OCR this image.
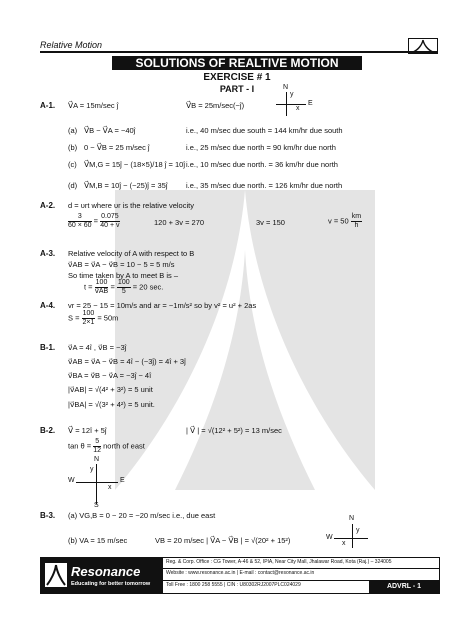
Relative Motion
SOLUTIONS OF REALTIVE MOTION
EXERCISE # 1
PART - I
A-1. V⃗A = 15m/sec ĵ	V⃗B = 25m/sec(−ĵ)
N
y
E
x
(a) V⃗B − V⃗A = −40ĵ	i.e., 40 m/sec due south = 144 km/hr due south
(b) 0 − V⃗B = 25 m/sec ĵ	i.e., 25 m/sec due north = 90 km/hr due north
(c) V⃗M,G = 15ĵ − (18×5)/18 ĵ = 10ĵ i.e., 10 m/sec due north. = 36 km/hr due north
(d) V⃗M,B = 10ĵ − (−25)ĵ = 35ĵ i.e., 35 m/sec due north. = 126 km/hr due north
A-2. d = υrt where υr is the relative velocity
$\frac{3}{60 \times 60} = \frac{0.075}{40 + v}$	120 + 3v = 270	3v = 150	$v = 50 \frac{km}{h}$
A-3. Relative velocity of A with respect to B
v⃗AB = v⃗A − v⃗B = 10 − 5 = 5 m/s
So time taken by A to meet B is –
$t = \frac{100}{v⃗AB} = \frac{100}{5} = 20$ sec.
A-4. vr = 25 − 15 = 10m/s and ar = −1m/s² so by v² = u² + 2as
$S = \frac{100}{2\times 1} = 50m$
B-1. v⃗A = 4î , v⃗B = −3ĵ
v⃗AB = v⃗A − v⃗B = 4î − (−3ĵ) = 4î + 3ĵ
v⃗BA = v⃗B − v⃗A = −3ĵ − 4î
|v⃗AB| = √(4² + 3²) = 5 unit
|v⃗BA| = √(3² + 4²) = 5 unit.
B-2. V⃗ = 12î + 5ĵ	| V⃗ | = √(12² + 5²) = 13 m/sec
$\tan \theta = \frac{5}{12}$ north of east
N
y
W	E
x
S
B-3. (a) VG,B = 0 − 20 = −20 m/sec i.e., due east
(b) VA = 15 m/sec	VB = 20 m/sec | V⃗A − V⃗B | = √(20² + 15²)
N
y
W
x
Resonance
Educating for better tomorrow
Reg. & Corp. Office : CG Tower, A-46 & 52, IPIA, Near City Mall, Jhalawar Road, Kota (Raj.) – 324005
Website : www.resonance.ac.in | E-mail : contact@resonance.ac.in
Toll Free : 1800 258 5555 | CIN : U80302RJ2007PLC024029	ADVRL - 1
